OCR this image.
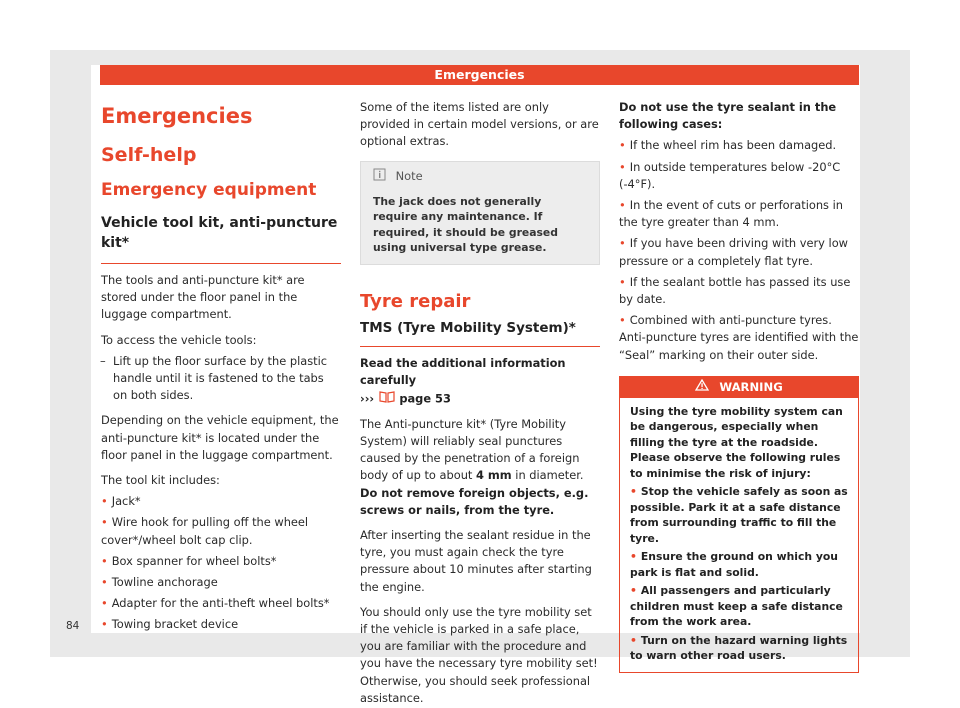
Emergencies
Emergencies
Self-help
Emergency equipment
Vehicle tool kit, anti-puncture kit*

The tools and anti-puncture kit* are stored under the floor panel in the luggage compartment.

To access the vehicle tools:

– Lift up the floor surface by the plastic handle until it is fastened to the tabs on both sides.

Depending on the vehicle equipment, the anti-puncture kit* is located under the floor panel in the luggage compartment.

The tool kit includes:

• Jack*
• Wire hook for pulling off the wheel cover*/wheel bolt cap clip.
• Box spanner for wheel bolts*
• Towline anchorage
• Adapter for the anti-theft wheel bolts*
• Towing bracket device

Some of the items listed are only provided in certain model versions, or are optional extras.

Note
The jack does not generally require any maintenance. If required, it should be greased using universal type grease.
Tyre repair
TMS (Tyre Mobility System)*

Read the additional information carefully
››› page 53

The Anti-puncture kit* (Tyre Mobility System) will reliably seal punctures caused by the penetration of a foreign body of up to about 4 mm in diameter. Do not remove foreign objects, e.g. screws or nails, from the tyre.

After inserting the sealant residue in the tyre, you must again check the tyre pressure about 10 minutes after starting the engine.

You should only use the tyre mobility set if the vehicle is parked in a safe place, you are familiar with the procedure and you have the necessary tyre mobility set! Otherwise, you should seek professional assistance.

Do not use the tyre sealant in the following cases:
• If the wheel rim has been damaged.
• In outside temperatures below -20°C (-4°F).
• In the event of cuts or perforations in the tyre greater than 4 mm.
• If you have been driving with very low pressure or a completely flat tyre.
• If the sealant bottle has passed its use by date.
• Combined with anti-puncture tyres. Anti-puncture tyres are identified with the “Seal” marking on their outer side.
WARNING

Using the tyre mobility system can be dangerous, especially when filling the tyre at the roadside. Please observe the following rules to minimise the risk of injury:

• Stop the vehicle safely as soon as possible. Park it at a safe distance from surrounding traffic to fill the tyre.
• Ensure the ground on which you park is flat and solid.
• All passengers and particularly children must keep a safe distance from the work area.
• Turn on the hazard warning lights to warn other road users.
84
